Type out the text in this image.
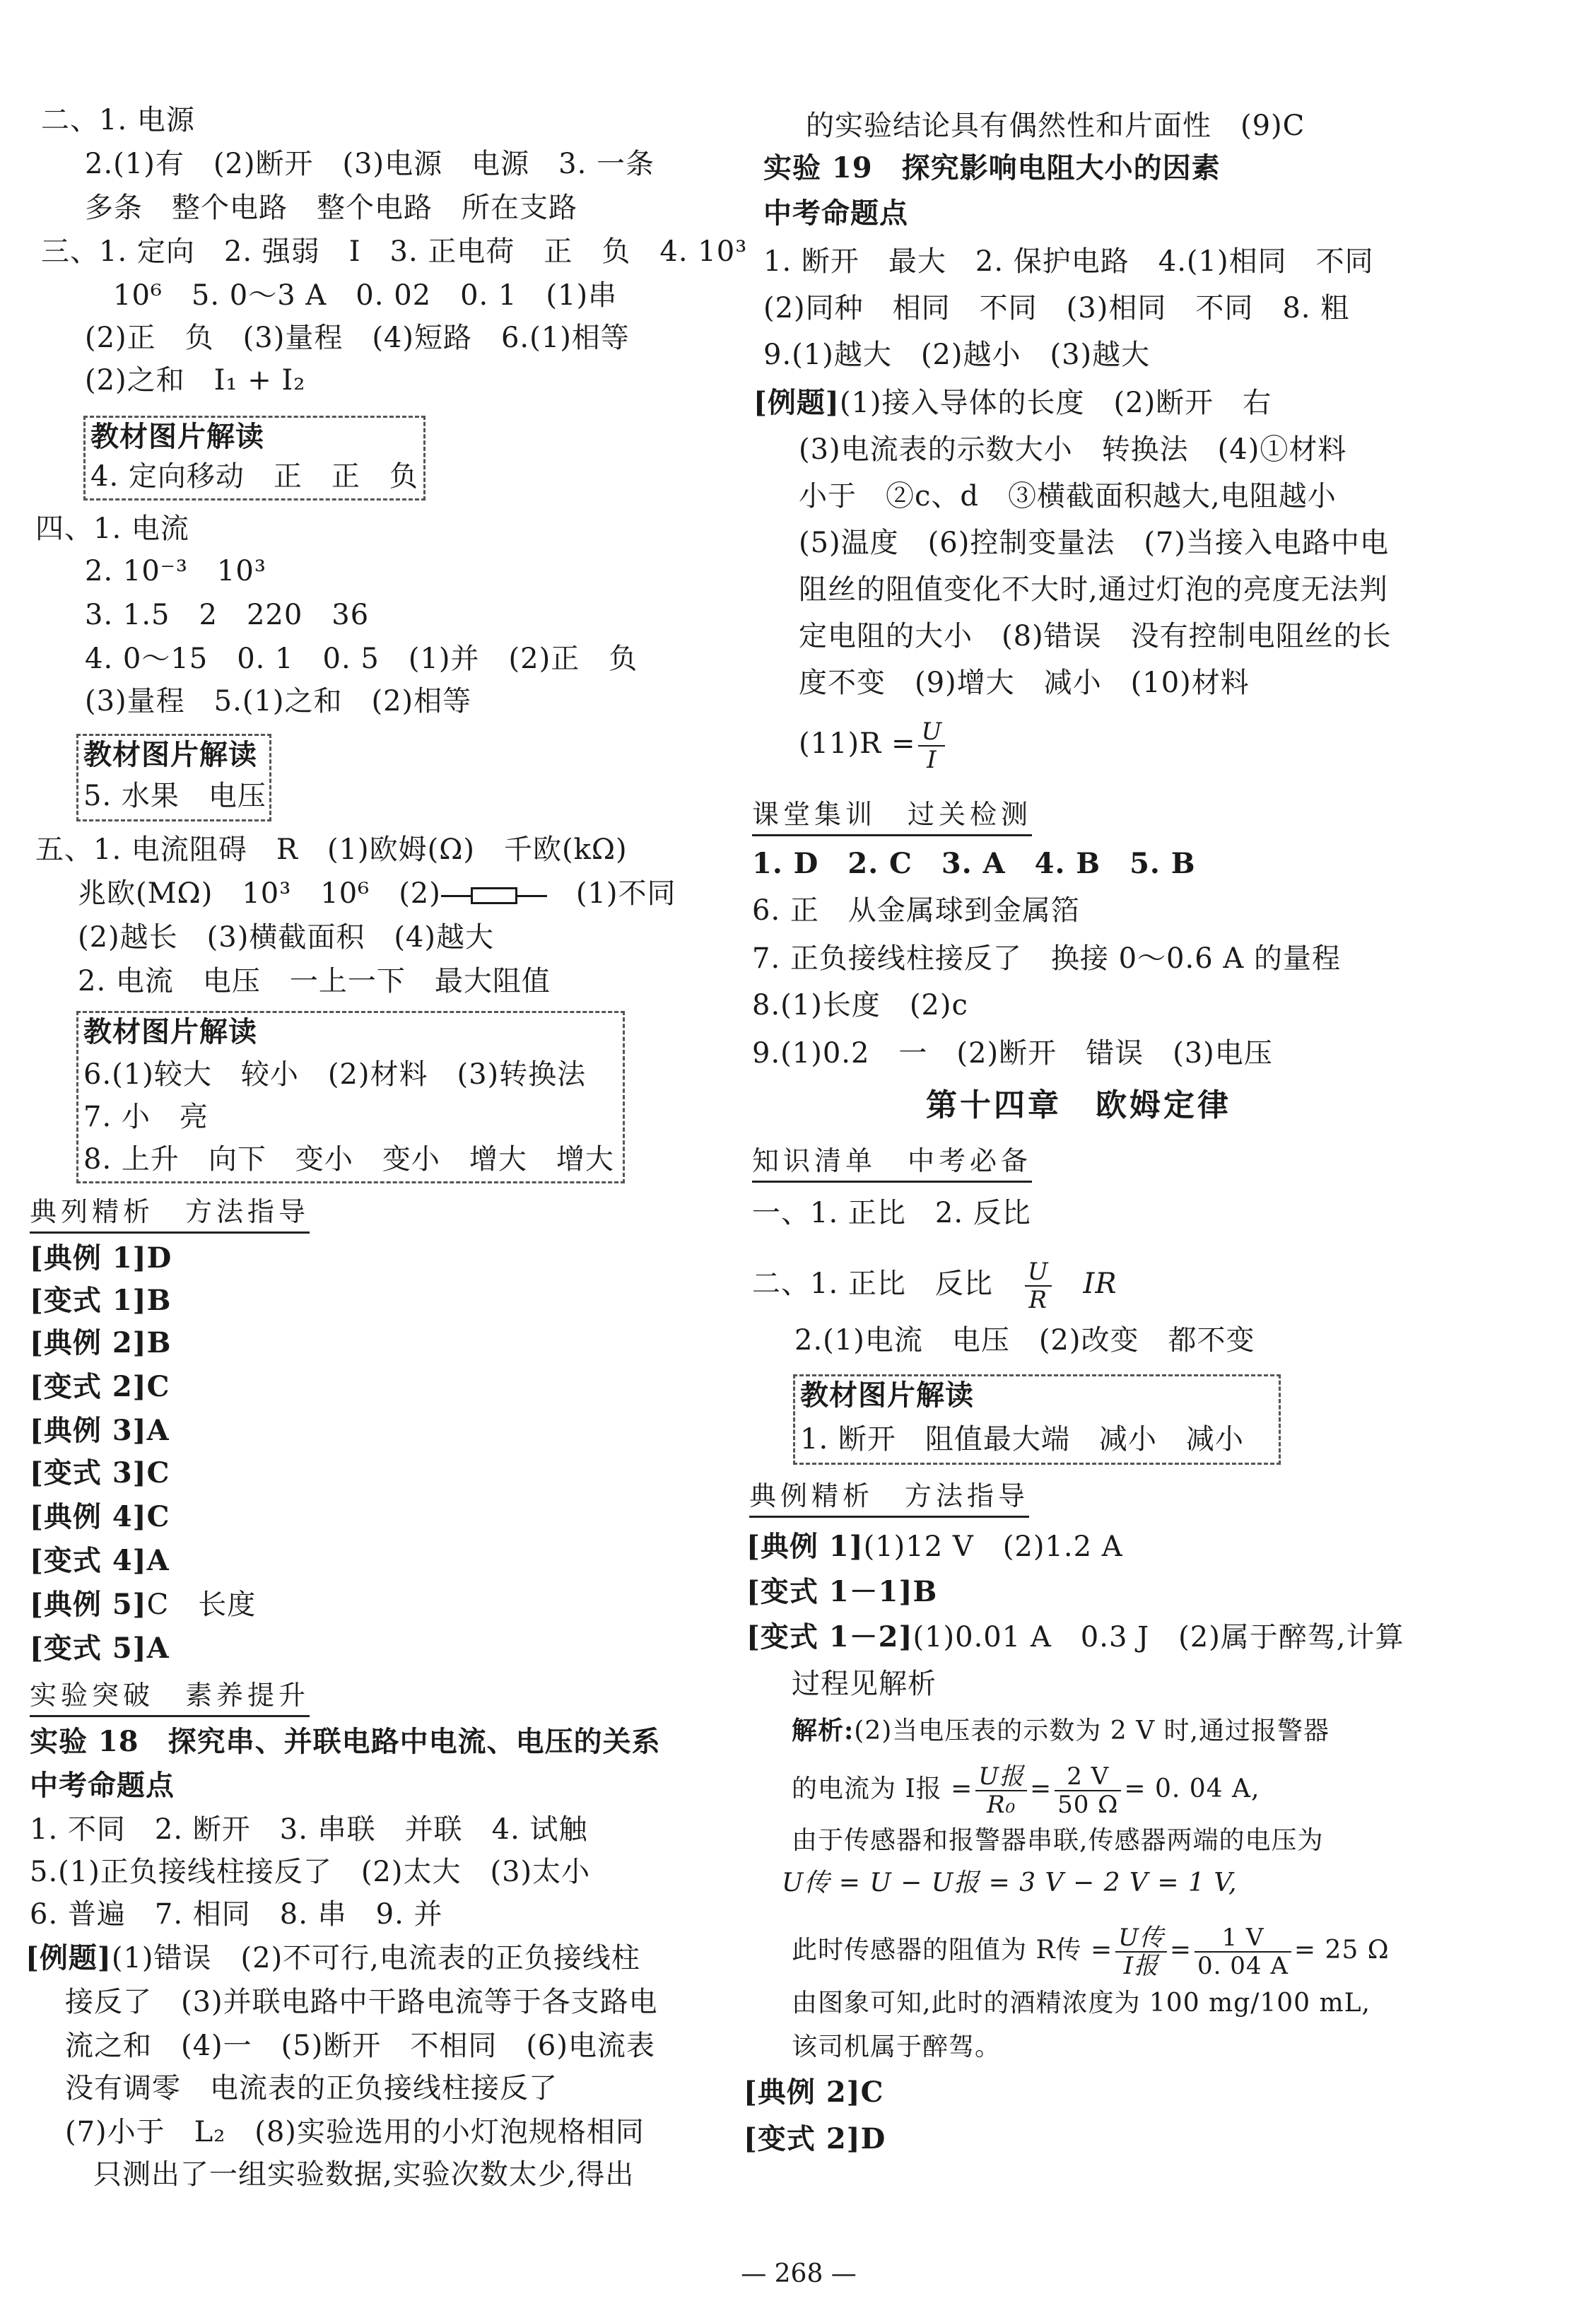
二、1. 电源
2.(1)有　(2)断开　(3)电源　电源　3. 一条
多条　整个电路　整个电路　所在支路
三、1. 定向　2. 强弱　I　3. 正电荷　正　负　4. 10³
10⁶　5. 0～3 A　0. 02　0. 1　(1)串
(2)正　负　(3)量程　(4)短路　6.(1)相等
(2)之和　I₁ + I₂
教材图片解读
4. 定向移动　正　正　负
四、1. 电流
2. 10⁻³　10³
3. 1.5　2　220　36
4. 0～15　0. 1　0. 5　(1)并　(2)正　负
(3)量程　5.(1)之和　(2)相等
教材图片解读
5. 水果　电压
五、1. 电流阻碍　R　(1)欧姆(Ω)　千欧(kΩ)
兆欧(MΩ)　10³　10⁶　(2)	　(1)不同
(2)越长　(3)横截面积　(4)越大
2. 电流　电压　一上一下　最大阻值
教材图片解读
6.(1)较大　较小　(2)材料　(3)转换法
7. 小　亮
8. 上升　向下　变小　变小　增大　增大
典列精析　方法指导
[典例 1]D
[变式 1]B
[典例 2]B
[变式 2]C
[典例 3]A
[变式 3]C
[典例 4]C
[变式 4]A
[典例 5]C　长度
[变式 5]A
实验突破　素养提升
实验 18　探究串、并联电路中电流、电压的关系
中考命题点
1. 不同　2. 断开　3. 串联　并联　4. 试触
5.(1)正负接线柱接反了　(2)太大　(3)太小
6. 普遍　7. 相同　8. 串　9. 并
[例题](1)错误　(2)不可行,电流表的正负接线柱
接反了　(3)并联电路中干路电流等于各支路电
流之和　(4)一　(5)断开　不相同　(6)电流表
没有调零　电流表的正负接线柱接反了
(7)小于　L₂　(8)实验选用的小灯泡规格相同
只测出了一组实验数据,实验次数太少,得出
的实验结论具有偶然性和片面性　(9)C
实验 19　探究影响电阻大小的因素
中考命题点
1. 断开　最大　2. 保护电路　4.(1)相同　不同
(2)同种　相同　不同　(3)相同　不同　8. 粗
9.(1)越大　(2)越小　(3)越大
[例题](1)接入导体的长度　(2)断开　右
(3)电流表的示数大小　转换法　(4)①材料
小于　②c、d　③横截面积越大,电阻越小
(5)温度　(6)控制变量法　(7)当接入电路中电
阻丝的阻值变化不大时,通过灯泡的亮度无法判
定电阻的大小　(8)错误　没有控制电阻丝的长
度不变　(9)增大　减小　(10)材料
$(11)R = \frac{U}{I}$
课堂集训　过关检测
1. D　2. C　3. A　4. B　5. B
6. 正　从金属球到金属箔
7. 正负接线柱接反了　换接 0～0.6 A 的量程
8.(1)长度　(2)c
9.(1)0.2　一　(2)断开　错误　(3)电压
第十四章　欧姆定律
知识清单　中考必备
一、1. 正比　2. 反比
二、1. 正比　反比　 $\frac{U}{R}$
　 IR
2.(1)电流　电压　(2)改变　都不变
教材图片解读
1. 断开　阻值最大端　减小　减小
典例精析　方法指导
[典例 1](1)12 V　(2)1.2 A
[变式 1－1]B
[变式 1－2](1)0.01 A　0.3 J　(2)属于醉驾,计算
过程见解析
解析:(2)当电压表的示数为 2 V 时,通过报警器
的电流为 I报 = $\frac{\text{U报}}{\text{R₀}} = \frac{2 V}{50 \Omega} = 0$. 04 A,
由于传感器和报警器串联,传感器两端的电压为
U传 = U − U报 = 3 V − 2 V = 1 V,
此时传感器的阻值为 R传 = $\frac{\text{U传}}{\text{I报}} = \frac{1 V}{0. 04 A} = 25$ Ω
由图象可知,此时的酒精浓度为 100 mg/100 mL,
该司机属于醉驾。
[典例 2]C
[变式 2]D
— 268 —
